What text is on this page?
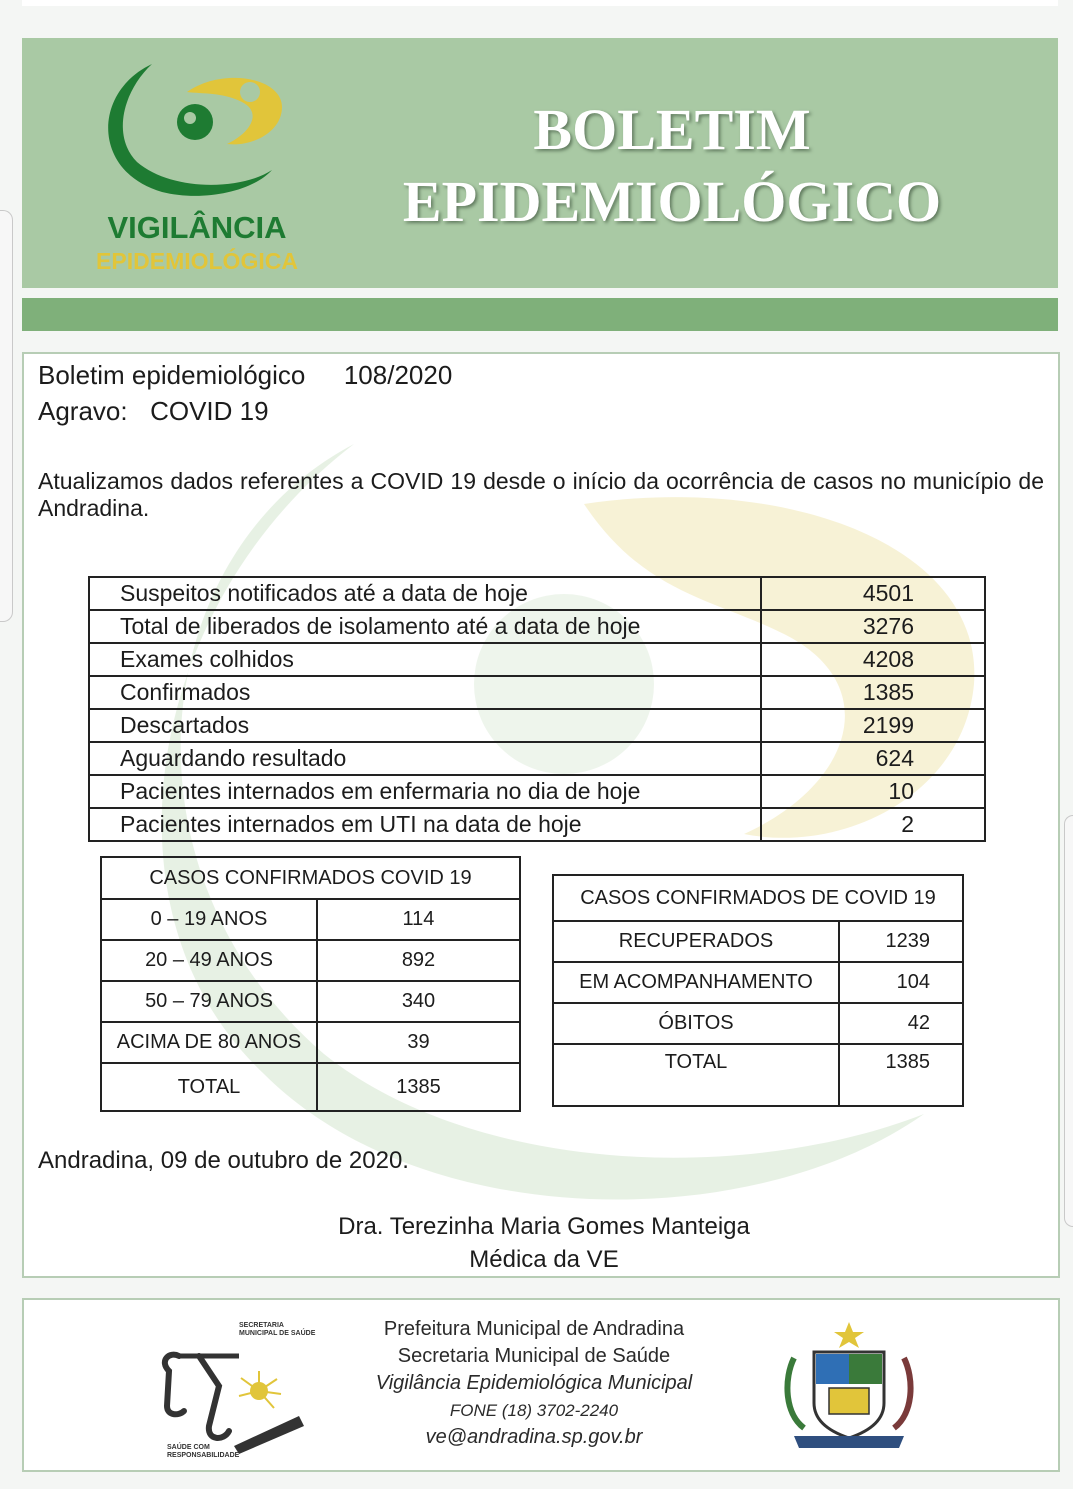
VIGILÂNCIA
EPIDEMIOLÓGICA
BOLETIM
EPIDEMIOLÓGICO
Boletim epidemiológico 108/2020
Agravo: COVID 19
Atualizamos dados referentes a COVID 19 desde o início da ocorrência de casos no município de Andradina.
Suspeitos notificados até a data de hoje	4501
Total de liberados de isolamento até a data de hoje	3276
Exames colhidos	4208
Confirmados	1385
Descartados	2199
Aguardando resultado	624
Pacientes internados em enfermaria no dia de hoje	10
Pacientes internados em UTI na data de hoje	2
CASOS CONFIRMADOS COVID 19	
0 – 19 ANOS	114
20 – 49 ANOS	892
50 – 79 ANOS	340
ACIMA DE 80 ANOS	39
TOTAL	1385
CASOS CONFIRMADOS DE COVID 19	
RECUPERADOS	1239
EM ACOMPANHAMENTO	104
ÓBITOS	42
TOTAL	1385
Andradina, 09 de outubro de 2020.
Dra. Terezinha Maria Gomes Manteiga
Médica da VE
SECRETARIA MUNICIPAL DE SAÚDE
SAÚDE COM RESPONSABILIDADE
Prefeitura Municipal de Andradina
Secretaria Municipal de Saúde
Vigilância Epidemiológica Municipal
FONE (18) 3702-2240
ve@andradina.sp.gov.br
